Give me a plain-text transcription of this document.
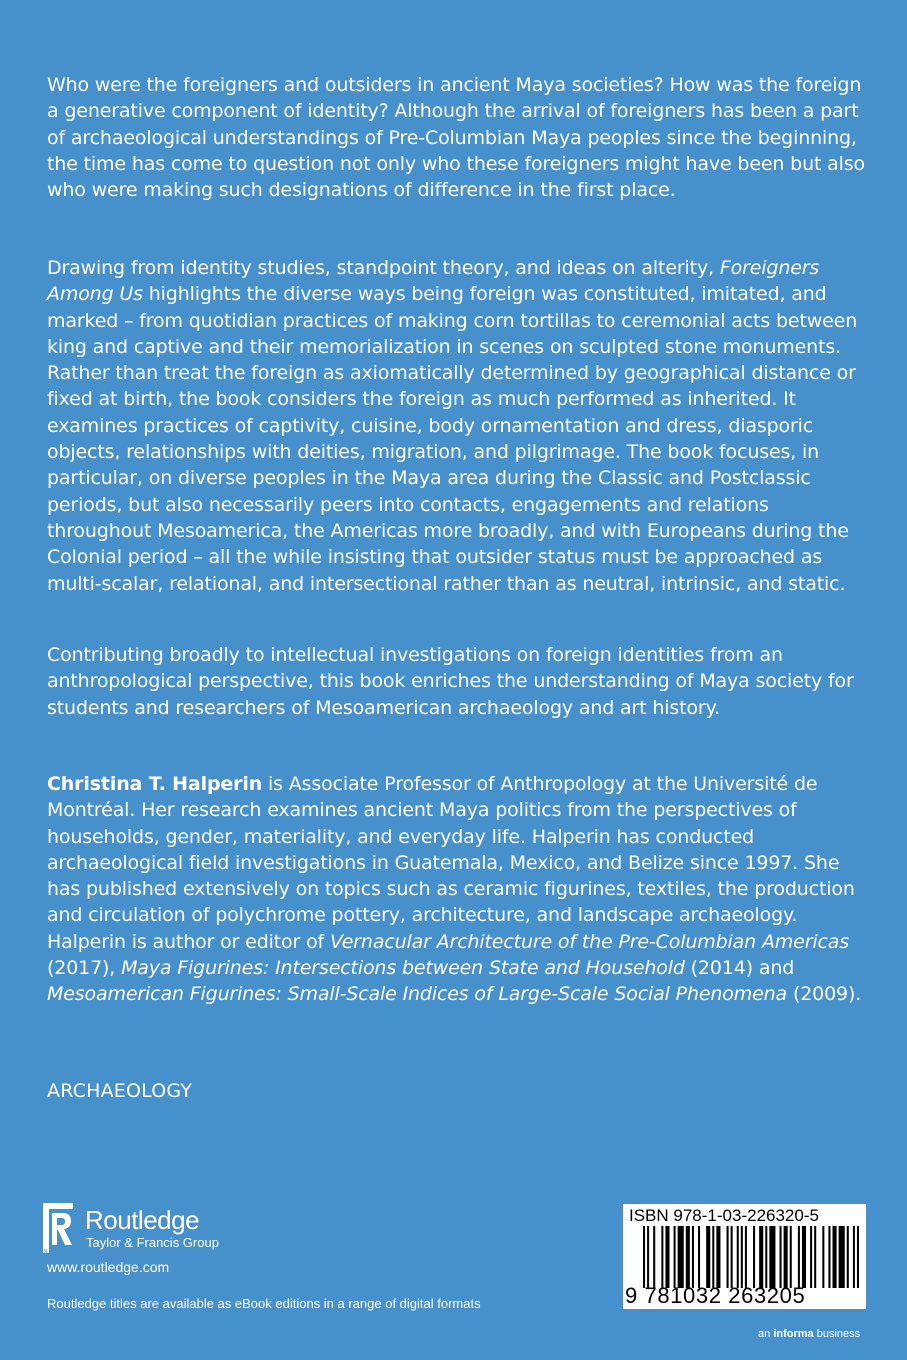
Who were the foreigners and outsiders in ancient Maya societies? How was the foreign a generative component of identity? Although the arrival of foreigners has been a part of archaeological understandings of Pre-Columbian Maya peoples since the beginning, the time has come to question not only who these foreigners might have been but also who were making such designations of difference in the first place.

Drawing from identity studies, standpoint theory, and ideas on alterity, Foreigners Among Us highlights the diverse ways being foreign was constituted, imitated, and marked – from quotidian practices of making corn tortillas to ceremonial acts between king and captive and their memorialization in scenes on sculpted stone monuments. Rather than treat the foreign as axiomatically determined by geographical distance or fixed at birth, the book considers the foreign as much performed as inherited. It examines practices of captivity, cuisine, body ornamentation and dress, diasporic objects, relationships with deities, migration, and pilgrimage. The book focuses, in particular, on diverse peoples in the Maya area during the Classic and Postclassic periods, but also necessarily peers into contacts, engagements and relations throughout Mesoamerica, the Americas more broadly, and with Europeans during the Colonial period – all the while insisting that outsider status must be approached as multi-scalar, relational, and intersectional rather than as neutral, intrinsic, and static.

Contributing broadly to intellectual investigations on foreign identities from an anthropological perspective, this book enriches the understanding of Maya society for students and researchers of Mesoamerican archaeology and art history.

Christina T. Halperin is Associate Professor of Anthropology at the Université de Montréal. Her research examines ancient Maya politics from the perspectives of households, gender, materiality, and everyday life. Halperin has conducted archaeological field investigations in Guatemala, Mexico, and Belize since 1997. She has published extensively on topics such as ceramic figurines, textiles, the production and circulation of polychrome pottery, architecture, and landscape archaeology. Halperin is author or editor of Vernacular Architecture of the Pre-Columbian Americas (2017), Maya Figurines: Intersections between State and Household (2014) and Mesoamerican Figurines: Small-Scale Indices of Large-Scale Social Phenomena (2009).

ARCHAEOLOGY
R
Routledge
Taylor & Francis Group
www.routledge.com
Routledge titles are available as eBook editions in a range of digital formats
ISBN 978-1-03-226320-5
9 781032 263205
an informa business
